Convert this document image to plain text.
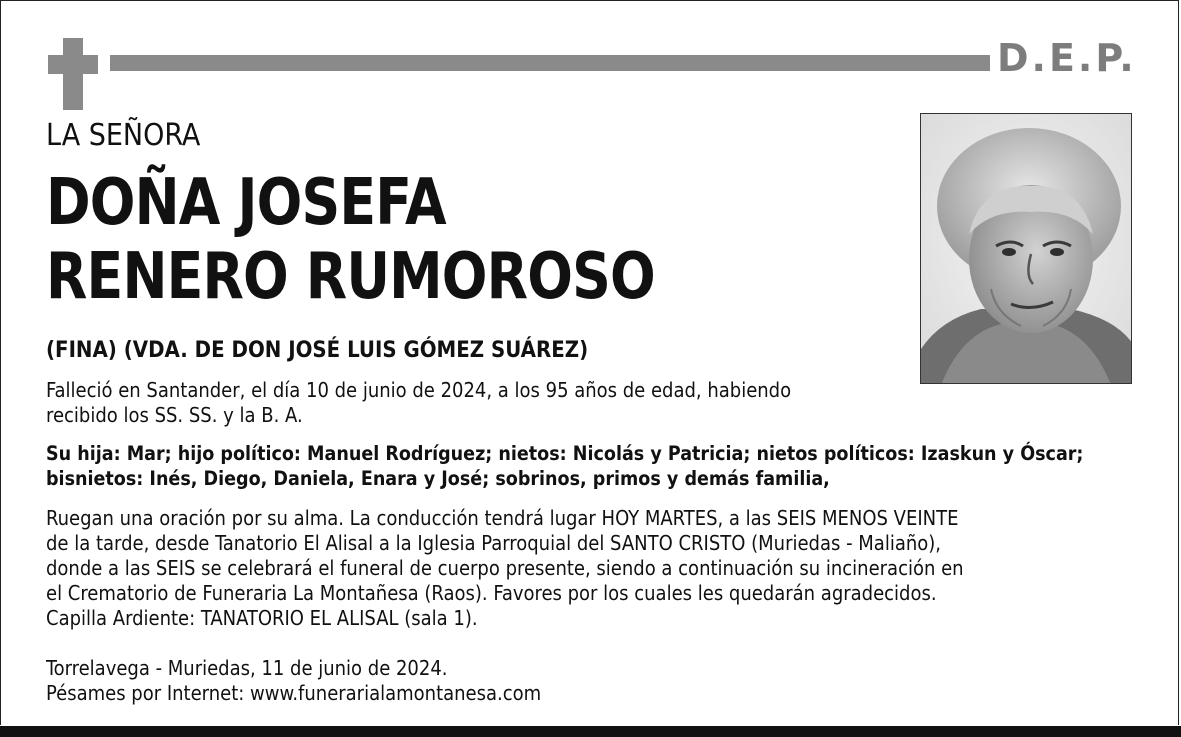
D.E.P.
LA SEÑORA
DOÑA JOSEFA
RENERO RUMOROSO
(FINA) (VDA. DE DON JOSÉ LUIS GÓMEZ SUÁREZ)
Falleció en Santander, el día 10 de junio de 2024, a los 95 años de edad, habiendo
recibido los SS. SS. y la B. A.
Su hija: Mar; hijo político: Manuel Rodríguez; nietos: Nicolás y Patricia; nietos políticos: Izaskun y Óscar;
bisnietos: Inés, Diego, Daniela, Enara y José; sobrinos, primos y demás familia,
Ruegan una oración por su alma. La conducción tendrá lugar HOY MARTES, a las SEIS MENOS VEINTE
de la tarde, desde Tanatorio El Alisal a la Iglesia Parroquial del SANTO CRISTO (Muriedas - Maliaño),
donde a las SEIS se celebrará el funeral de cuerpo presente, siendo a continuación su incineración en
el Crematorio de Funeraria La Montañesa (Raos). Favores por los cuales les quedarán agradecidos.
Capilla Ardiente: TANATORIO EL ALISAL (sala 1).
Torrelavega - Muriedas, 11 de junio de 2024.
Pésames por Internet: www.funerarialamontanesa.com
